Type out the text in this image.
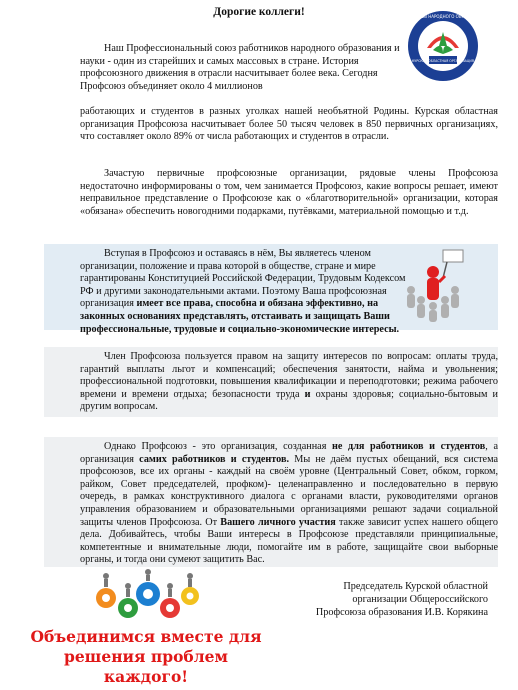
Дорогие коллеги!	ПРОФСОЮЗ РАБОТНИКОВ НАРОДНОГО ОБРАЗОВАНИЯ И НАУКИ РФ
КУРСКАЯ ОБЛАСТНАЯ ОРГАНИЗАЦИЯ

Наш Профессиональный союз работников народного образования и науки - один из старейших и самых массовых в стране. История профсоюзного движения в отрасли насчитывает более века. Сегодня Профсоюз объединяет около 4 миллионов

работающих и студентов в разных уголках нашей необъятной Родины. Курская областная организация Профсоюза насчитывает более 50 тысяч человек в 850 первичных организациях, что составляет около 89% от числа работающих и студентов в отрасли.

Зачастую первичные профсоюзные организации, рядовые члены Профсоюза недостаточно информированы о том, чем занимается Профсоюз, какие вопросы решает, имеют неправильное представление о Профсоюзе как о «благотворительной» организации, которая «обязана» обеспечить новогодними подарками, путёвками, материальной помощью и т.д.

Вступая в Профсоюз и оставаясь в нём, Вы являетесь членом организации, положение и права которой в обществе, стране и мире гарантированы Конституцией Российской Федерации, Трудовым Кодексом РФ и другими законодательными актами. Поэтому Ваша профсоюзная организация имеет все права, способна и обязана эффективно, на законных основаниях представлять, отстаивать и защищать Ваши профессиональные, трудовые и социально-экономические интересы.

Член Профсоюза пользуется правом на защиту интересов по вопросам: оплаты труда, гарантий выплаты льгот и компенсаций; обеспечения занятости, найма и увольнения; профессиональной подготовки, повышения квалификации и переподготовки; режима рабочего времени и времени отдыха; безопасности труда и охраны здоровья; социально-бытовым и другим вопросам.

Однако Профсоюз - это организация, созданная не для работников и студентов, а организация самих работников и студентов. Мы не даём пустых обещаний, вся система профсоюзов, все их органы - каждый на своём уровне (Центральный Совет, обком, горком, райком, Совет председателей, профком)- целенаправленно и последовательно в первую очередь, в рамках конструктивного диалога с органами власти, руководителями органов управления образованием и образовательными организациями решают задачи социальной защиты членов Профсоюза. От Вашего личного участия также зависит успех нашего общего дела. Добивайтесь, чтобы Ваши интересы в Профсоюзе представляли принципиальные, компетентные и внимательные люди, помогайте им в работе, защищайте свои выборные органы, и тогда они сумеют защитить Вас.

Председатель Курской областной
организации Общероссийского
Профсоюза образования И.В. Корякина
Объединимся вместе для
решения проблем каждого!
